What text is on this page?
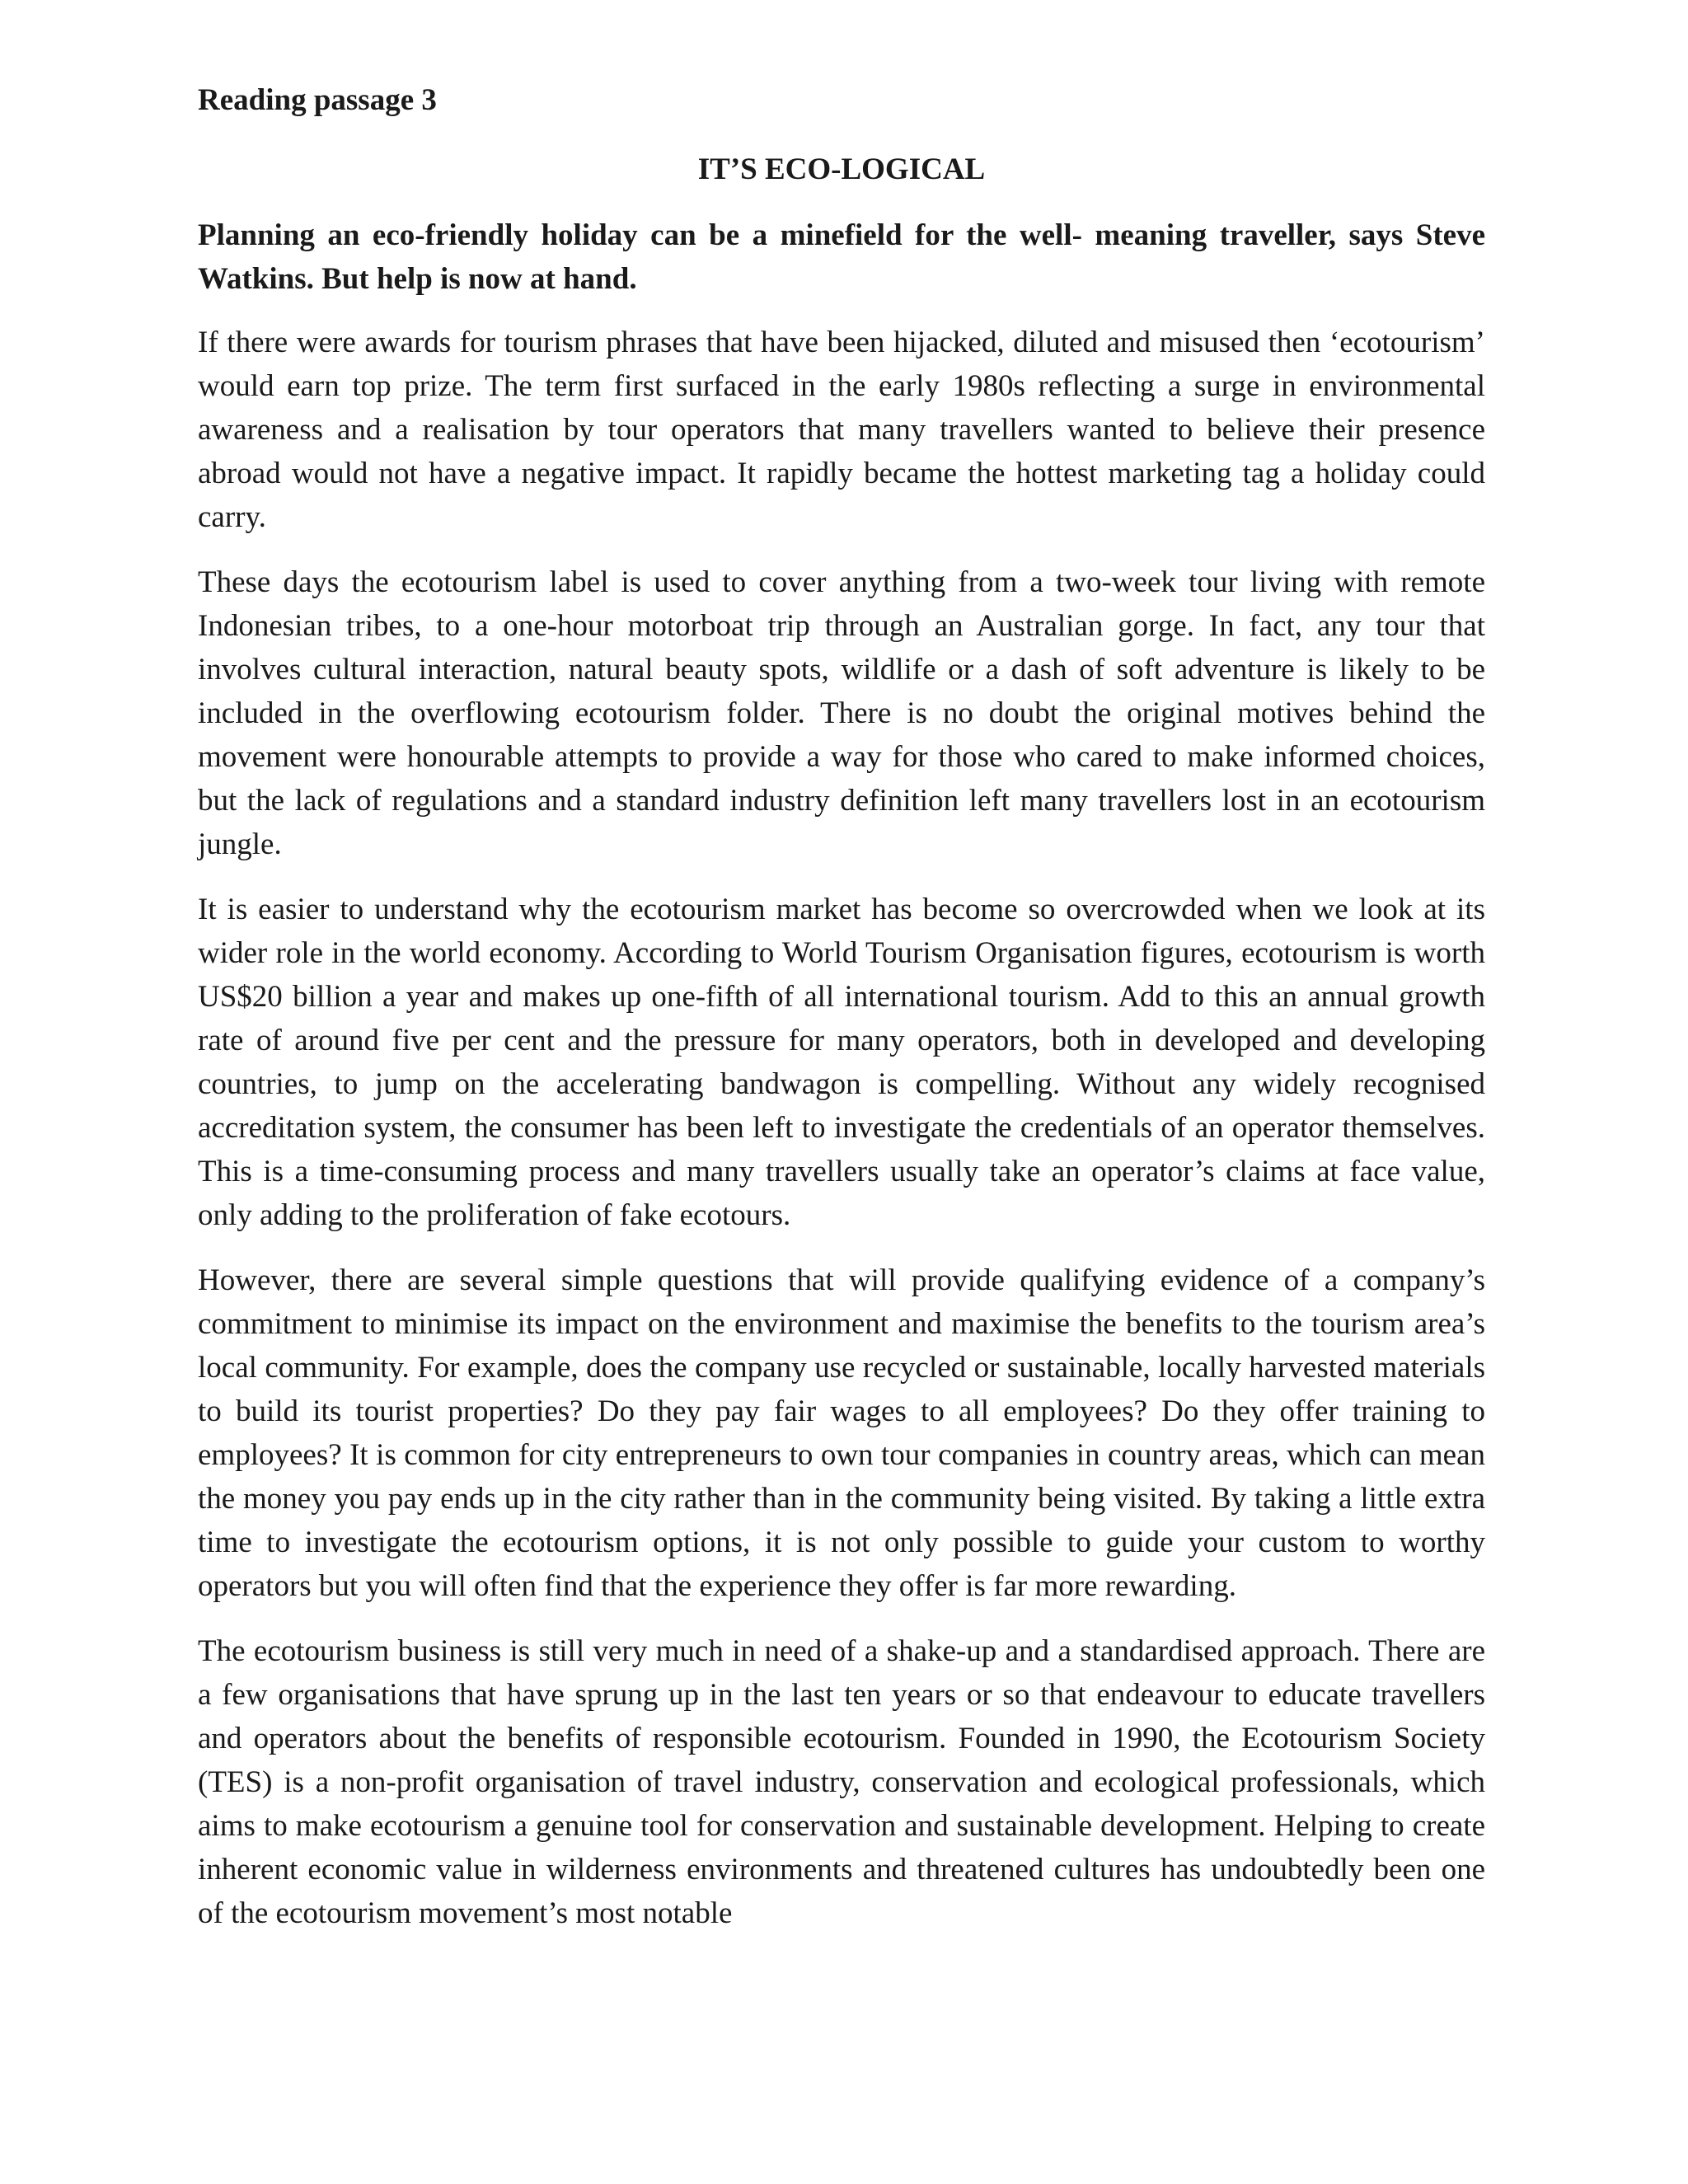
Reading passage 3
IT’S ECO-LOGICAL

Planning an eco-friendly holiday can be a minefield for the well- meaning traveller, says Steve Watkins. But help is now at hand.

If there were awards for tourism phrases that have been hijacked, diluted and misused then ‘ecotourism’ would earn top prize. The term first surfaced in the early 1980s reflecting a surge in environmental awareness and a realisation by tour operators that many travellers wanted to believe their presence abroad would not have a negative impact. It rapidly became the hottest marketing tag a holiday could carry.

These days the ecotourism label is used to cover anything from a two-week tour living with remote Indonesian tribes, to a one-hour motorboat trip through an Australian gorge. In fact, any tour that involves cultural interaction, natural beauty spots, wildlife or a dash of soft adventure is likely to be included in the overflowing ecotourism folder. There is no doubt the original motives behind the movement were honourable attempts to provide a way for those who cared to make informed choices, but the lack of regulations and a standard industry definition left many travellers lost in an ecotourism jungle.

It is easier to understand why the ecotourism market has become so overcrowded when we look at its wider role in the world economy. According to World Tourism Organisation figures, ecotourism is worth US$20 billion a year and makes up one-fifth of all international tourism. Add to this an annual growth rate of around five per cent and the pressure for many operators, both in developed and developing countries, to jump on the accelerating bandwagon is compelling. Without any widely recognised accreditation system, the consumer has been left to investigate the credentials of an operator themselves. This is a time-consuming process and many travellers usually take an operator’s claims at face value, only adding to the proliferation of fake ecotours.

However, there are several simple questions that will provide qualifying evidence of a company’s commitment to minimise its impact on the environment and maximise the benefits to the tourism area’s local community. For example, does the company use recycled or sustainable, locally harvested materials to build its tourist properties? Do they pay fair wages to all employees? Do they offer training to employees? It is common for city entrepreneurs to own tour companies in country areas, which can mean the money you pay ends up in the city rather than in the community being visited. By taking a little extra time to investigate the ecotourism options, it is not only possible to guide your custom to worthy operators but you will often find that the experience they offer is far more rewarding.

The ecotourism business is still very much in need of a shake-up and a standardised approach. There are a few organisations that have sprung up in the last ten years or so that endeavour to educate travellers and operators about the benefits of responsible ecotourism. Founded in 1990, the Ecotourism Society (TES) is a non-profit organisation of travel industry, conservation and ecological professionals, which aims to make ecotourism a genuine tool for conservation and sustainable development. Helping to create inherent economic value in wilderness environments and threatened cultures has undoubtedly been one of the ecotourism movement’s most notable
